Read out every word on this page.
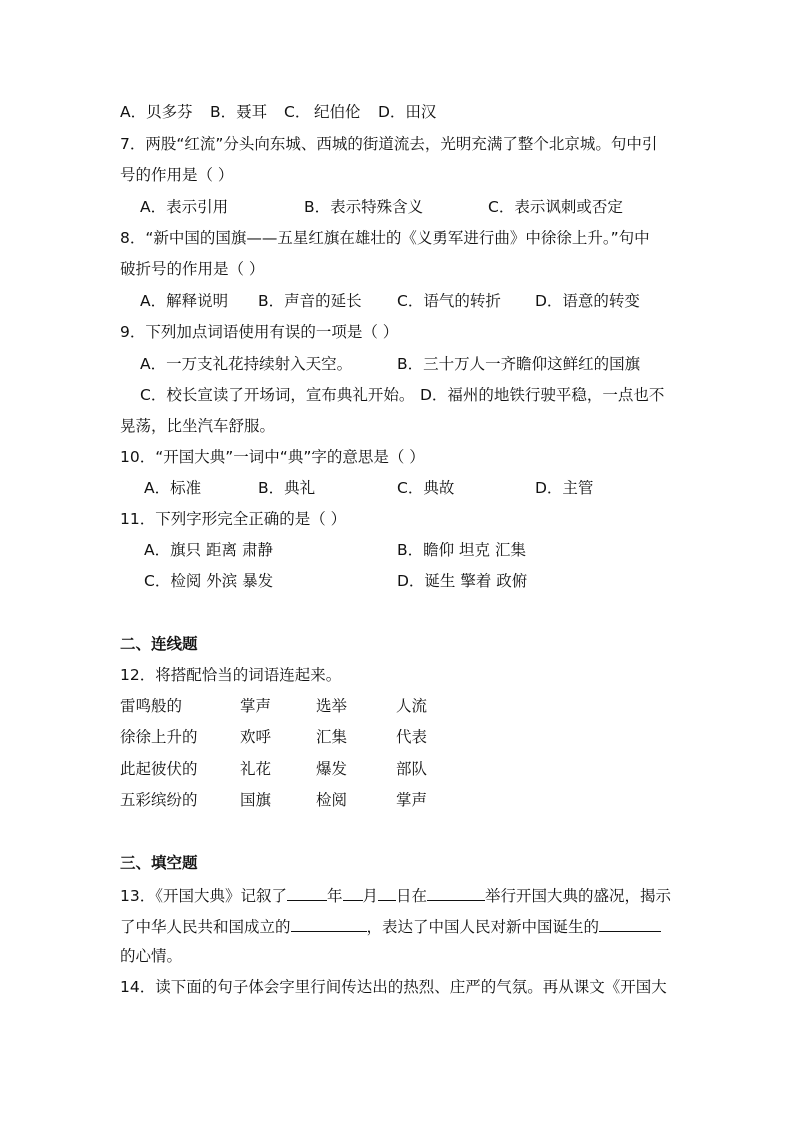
A．贝多芬 B．聂耳 C． 纪伯伦 D．田汉
7．两股“红流”分头向东城、西城的街道流去，光明充满了整个北京城。句中引
号的作用是（ ）
A．表示引用	B．表示特殊含义	C．表示讽刺或否定
8．“新中国的国旗——五星红旗在雄壮的《义勇军进行曲》中徐徐上升。”句中
破折号的作用是（ ）
A．解释说明 B．声音的延长 C．语气的转折 D．语意的转变
9．下列加点词语使用有误的一项是（ ）
A．一万支礼花持续射入天空。	B．三十万人一齐瞻仰这鲜红的国旗
C．校长宣读了开场词，宣布典礼开始。 D．福州的地铁行驶平稳，一点也不
晃荡，比坐汽车舒服。
10．“开国大典”一词中“典”字的意思是（ ）
A．标准	B．典礼	C．典故	D．主管
11．下列字形完全正确的是（ ）
A．旗只 距离 肃静	B．瞻仰 坦克 汇集
C．检阅 外滨 暴发	D．诞生 擎着 政俯
二、连线题
12．将搭配恰当的词语连起来。
雷鸣般的	掌声	选举	人流
徐徐上升的	欢呼	汇集	代表
此起彼伏的	礼花	爆发	部队
五彩缤纷的	国旗	检阅	掌声
三、填空题
13．《开国大典》记叙了	年 月 日在	举行开国大典的盛况，揭示
了中华人民共和国成立的	，表达了中国人民对新中国诞生的
的心情。
14．读下面的句子体会字里行间传达出的热烈、庄严的气氛。再从课文《开国大
